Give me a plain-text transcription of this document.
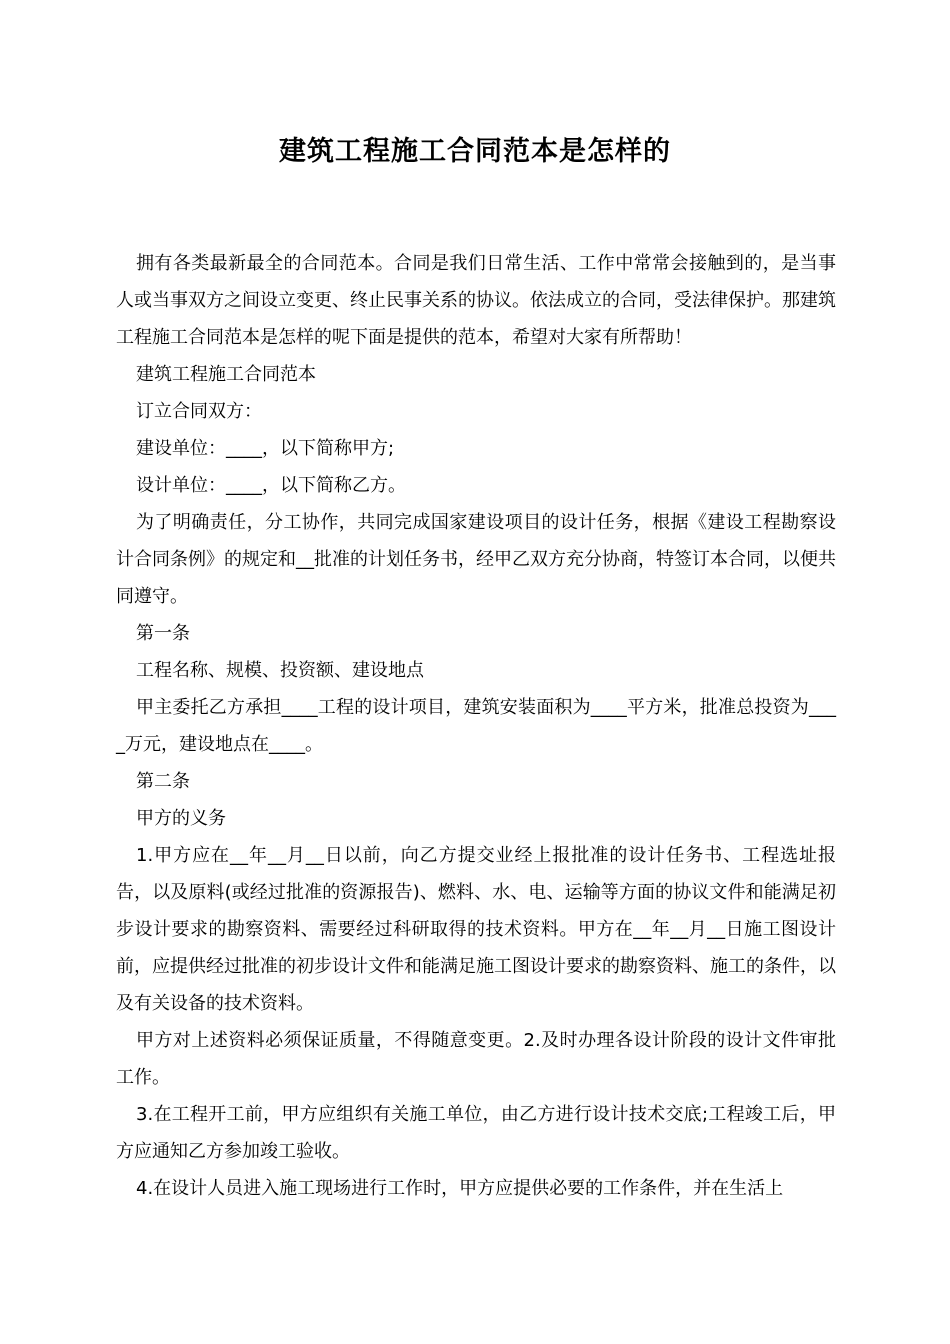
建筑工程施工合同范本是怎样的

拥有各类最新最全的合同范本。合同是我们日常生活、工作中常常会接触到的，是当事人或当事双方之间设立变更、终止民事关系的协议。依法成立的合同，受法律保护。那建筑工程施工合同范本是怎样的呢下面是提供的范本，希望对大家有所帮助！

建筑工程施工合同范本

订立合同双方：

建设单位：____，以下简称甲方;

设计单位：____，以下简称乙方。

为了明确责任，分工协作，共同完成国家建设项目的设计任务，根据《建设工程勘察设计合同条例》的规定和__批准的计划任务书，经甲乙双方充分协商，特签订本合同，以便共同遵守。

第一条

工程名称、规模、投资额、建设地点

甲主委托乙方承担____工程的设计项目，建筑安装面积为____平方米，批准总投资为____万元，建设地点在____。

第二条

甲方的义务

1.甲方应在__年__月__日以前，向乙方提交业经上报批准的设计任务书、工程选址报告，以及原料(或经过批准的资源报告)、燃料、水、电、运输等方面的协议文件和能满足初步设计要求的勘察资料、需要经过科研取得的技术资料。甲方在__年__月__日施工图设计前，应提供经过批准的初步设计文件和能满足施工图设计要求的勘察资料、施工的条件，以及有关设备的技术资料。

甲方对上述资料必须保证质量，不得随意变更。2.及时办理各设计阶段的设计文件审批工作。

3.在工程开工前，甲方应组织有关施工单位，由乙方进行设计技术交底;工程竣工后，甲方应通知乙方参加竣工验收。

4.在设计人员进入施工现场进行工作时，甲方应提供必要的工作条件，并在生活上
